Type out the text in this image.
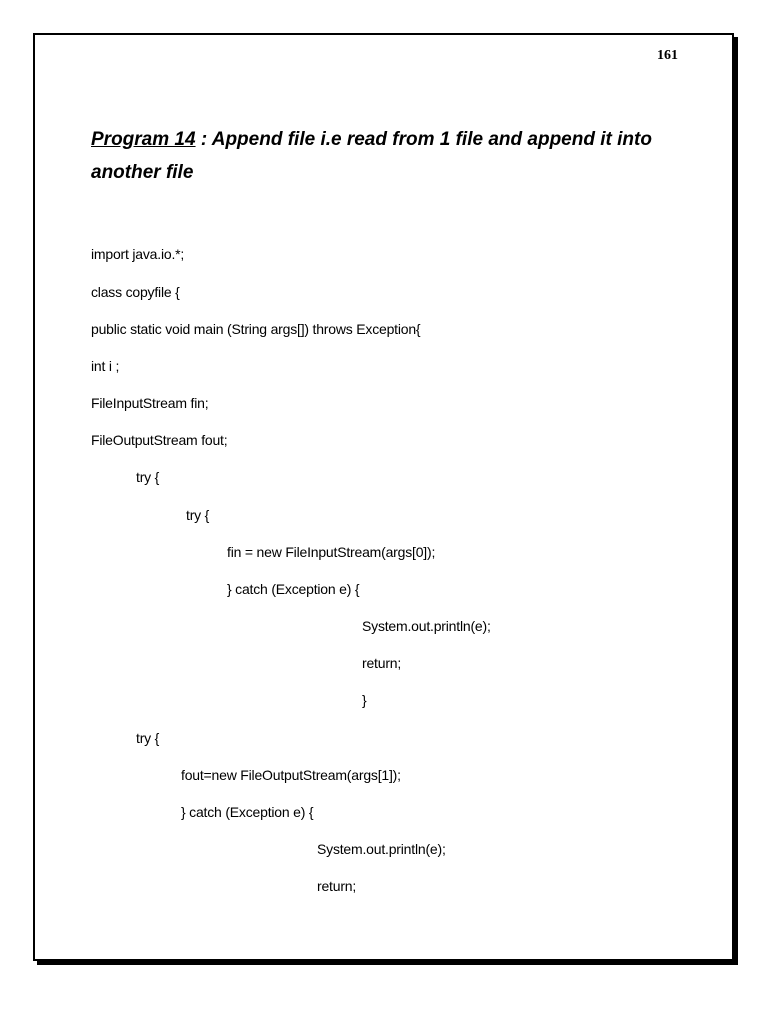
161
Program 14 : Append file i.e read from 1 file and append it into another file
import java.io.*;
class copyfile {
public static void main (String args[]) throws Exception{
int i ;
FileInputStream fin;
FileOutputStream fout;
try {
try {
fin = new FileInputStream(args[0]);
} catch (Exception e) {
System.out.println(e);
return;
}
try {
fout=new FileOutputStream(args[1]);
} catch (Exception e) {
System.out.println(e);
return;
